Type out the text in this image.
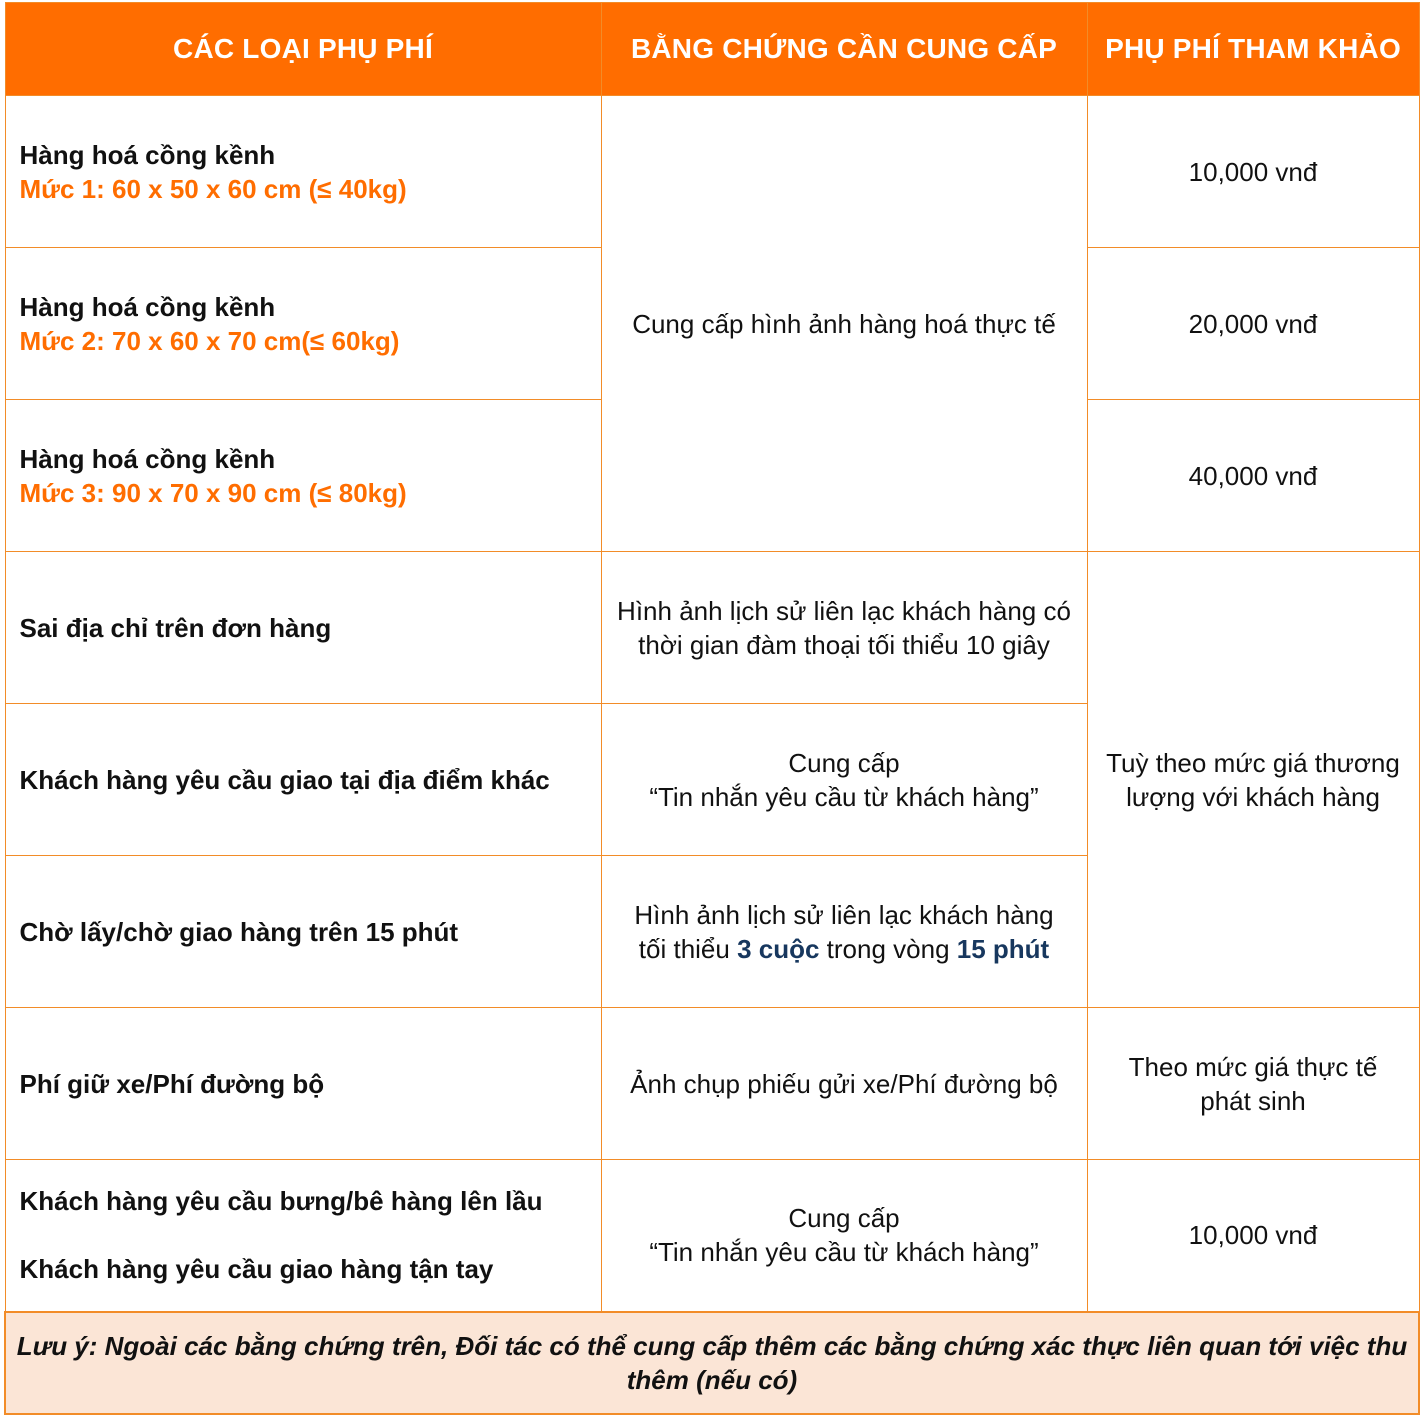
CÁC LOẠI PHỤ PHÍ	BẰNG CHỨNG CẦN CUNG CẤP	PHỤ PHÍ THAM KHẢO

Hàng hoá cồng kềnh
Mức 1: 60 x 50 x 60 cm (≤ 40kg)	Cung cấp hình ảnh hàng hoá thực tế	10,000 vnđ

Hàng hoá cồng kềnh
Mức 2: 70 x 60 x 70 cm(≤ 60kg)		20,000 vnđ

Hàng hoá cồng kềnh
Mức 3: 90 x 70 x 90 cm (≤ 80kg)		40,000 vnđ
Sai địa chỉ trên đơn hàng	Hình ảnh lịch sử liên lạc khách hàng có thời gian đàm thoại tối thiểu 10 giây	Tuỳ theo mức giá thương lượng với khách hàng
Khách hàng yêu cầu giao tại địa điểm khác	Cung cấp
“Tin nhắn yêu cầu từ khách hàng”	

Chờ lấy/chờ giao hàng trên 15 phút	Hình ảnh lịch sử liên lạc khách hàng
tối thiểu 3 cuộc trong vòng 15 phút	

Phí giữ xe/Phí đường bộ	Ảnh chụp phiếu gửi xe/Phí đường bộ	Theo mức giá thực tế phát sinh

Khách hàng yêu cầu bưng/bê hàng lên lầu
Khách hàng yêu cầu giao hàng tận tay	Cung cấp
“Tin nhắn yêu cầu từ khách hàng”	10,000 vnđ
Lưu ý: Ngoài các bằng chứng trên, Đối tác có thể cung cấp thêm các bằng chứng xác thực liên quan tới việc thu thêm (nếu có)		
